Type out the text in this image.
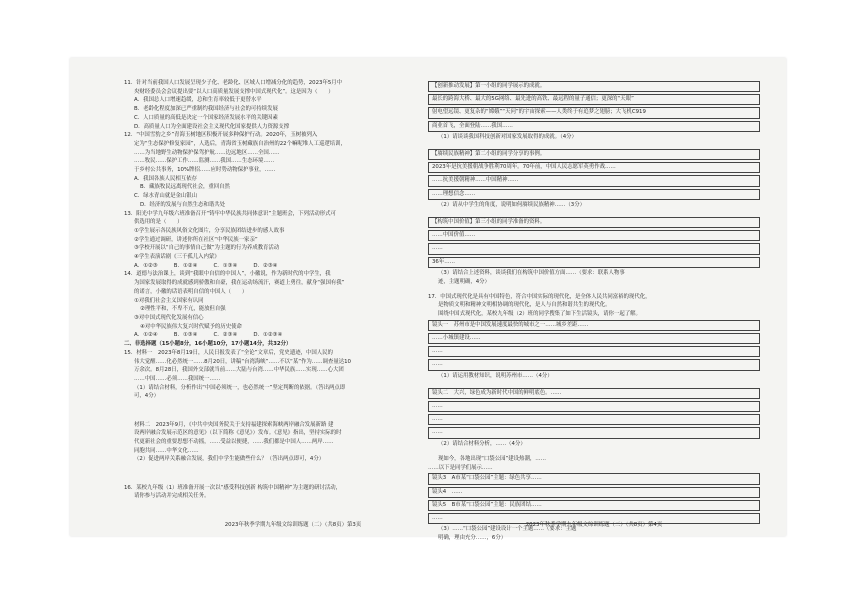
11．针对当前我国人口发展呈现少子化、老龄化、区域人口增减分化的趋势，2023年5月中
央财经委员会会议提出要“以人口高质量发展支撑中国式现代化”。这是因为（　　）
A．我国总人口增速趋缓，总和生育率较低于更替水平
B．老龄化程度加深已严重制约我国经济与社会的可持续发展
C．人口质量的高低是决定一个国家经济发展水平的关键因素
D．高质量人口为全面建设社会主义现代化国家提供人力资源支撑
12．“中国雪豹之乡”青海玉树地区积极开展多种保护行动。2020年，玉树被列入
定为“生态保护修复家园”，人选后，青海省玉树藏族自治州的22个嘛呢堆人工巡逻培训，
……为当地野生动物保护保驾护航……边远地区……全国……
……牧民……保护工作……监测……我国……生态环境……
于乡村公共事务，10%牌招……应时势动物保护事业，……
A．我国各族人民相互依存
B．藏族牧民远离现代社会，重回自然
C．绿水青山就是金山银山
D．经济的发展与自然生态和谐共处
13．阳光中学九年级六班准备召开“铸牢中华民族共同体意识”主题班会，下列活动形式可
供选用的是（　　）
①学生展示各民族风俗文化图片，分享民族团结进步的感人故事
②学生通过调研，讲述你所在社区“中华民族一家亲”
③学校开展以“自己的事情自己做”为主题的行为养成教育活动
④学生表演话剧《三千孤儿入内蒙》
A．①②③　　　B．①②④　　　C．①③④　　　D．②③④
14．道德与法治课上，谈到“我眼中自信的中国人”，小徽说，作为新时代的中学生，我
为国家发展取得的成就感到骄傲和自豪，我在运动场流汗，赛道上勇往，献身“强国有我”
的诺言，小徽的话语表明自信的中国人（　　）
①对我们社会主义国家有认同
②理性平和，不卑不亢，能放但自强
③对中国式现代化发展有信心
④对中华民族伟大复兴时代赋予的历史使命
A．①②④　　　B．①③④　　　C．②③④　　　D．①②③④
二、非选择题（15小题8分，16小题10分，17小题14分，共32分）
15．材料一　2023年8月19日，人民日报发表了“全论”文章后，党史遗迹，中国人民的
伟大觉醒……化必然统一……8月20日，讲稿“台湾海峡”……不以“某”作为……调查量达10
万余次。8月28日，我国外交部就当前……大陆与台湾……中华民族……实现……心大团
……中国……必须……我国统一……
（1）请结合材料，分析作出“中国必须统一，也必然统一”坚定判断的依据。（答出两点即
可，4分）
材料二　2023年9月，《中共中央国务院关于支持福建探索海峡两岸融合发展新路 建
设两岸融合发展示范区的意见》（以下简称《意见》）发布。《意见》指出，坚持实际的时
代更新社会的重要思想不动摇，……受益以便捷，……我们都是中国人……两岸……
同胞共同……中华文化……
（2）促进两岸关系融合发展，我们中学生能做些什么？（答出两点即可，4分）
16．某校九年级（1）班准备开展一次以“感受科技创新 构筑中国精神”为主题的研讨活动，
请你参与活动并完成相关任务。
2023年秋季学期九年级文综训练题（二）（共8页）第3页
【创新推动发展】第一小组的同学展示的成就。
最长的跨海大桥、最大的5G网络、最先进的高铁、最远程的量子通信；更深的“天眼”
射电望远镜、更复杂的“嫦娥”“天问”的宇宙探索——人类终于有追梦之翅膀；大飞机C919
商业首飞，全面登陆……我国……
（1）请谈谈我国科技创新对国家发展取得的成就。（4分）
【赓续民族精神】第二小组的同学分享的事例。
2023年是抗美援朝战争胜利70周年。70年前，中国人民志愿军英勇作战……
……抗美援朝精神……中国精神……
……理想信念……
（2）请从中学生的角度，说明如何赓续民族精神……（3分）
【构筑中国价值】第三小组的同学准备的资料。
……中国价值……
……
36年……
（3）请结合上述资料，谈谈我们在构筑中国价值方面……（要求：联系人物事
迹，主题明确，4分）
17．中国式现代化是具有中国特色，符合中国实际的现代化，是全体人民共同富裕的现代化，
是物质文明和精神文明相协调的现代化，是人与自然和谐共生的现代化。
围绕中国式现代化，某校九年级（2）班的同学搜集了如下生活镜头，请你一起了解。
镜头一　苏州市是中国发展速度最快的城市之一……城乡差距……
……小城镇建设……
……
……
（1）请运用教材知识，说明苏州市……（4分）
镜头二　大兴，绿色成为新时代中国的鲜明底色。……
……
……
……
（2）请结合材料分析，……（4分）
现如今，各地出现“口袋公园”建设热潮，……
……以下是同学们展示……
镜头3　A市某“口袋公园”主题：绿色共享……
镜头4　……
镜头5　B市某“口袋公园”主题：民族团结……
……
（3）……“口袋公园”建设设计一个主题……（要求：主题
明确，理由充分……，6分）
2023年秋季学期九年级文综训练题（二）（共8页）第4页
